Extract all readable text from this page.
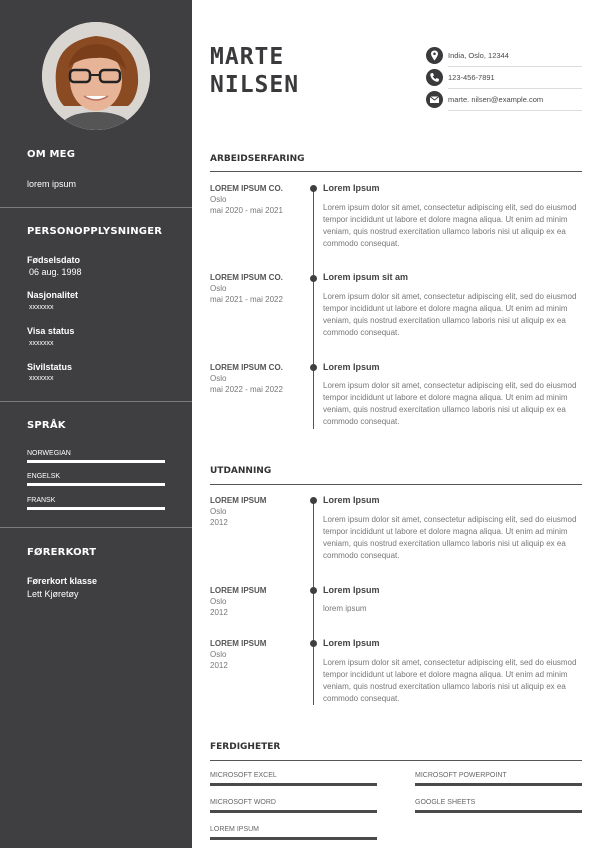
OM MEG
lorem ipsum
PERSONOPPLYSNINGER
Fødselsdato
06 aug. 1998
Nasjonalitet
xxxxxxx
Visa status
xxxxxxx
Sivilstatus
xxxxxxx
SPRÅK
NORWEGIAN
ENGELSK
FRANSK
FØRERKORT
Førerkort klasse
Lett Kjøretøy
MARTE
NILSEN
India, Oslo, 12344
123-456-7891
marte. nilsen@example.com
ARBEIDSERFARING
LOREM IPSUM CO.
Oslo
mai 2020 - mai 2021
Lorem Ipsum
Lorem ipsum dolor sit amet, consectetur adipiscing elit, sed do eiusmod tempor incididunt ut labore et dolore magna aliqua. Ut enim ad minim veniam, quis nostrud exercitation ullamco laboris nisi ut aliquip ex ea commodo consequat.
LOREM IPSUM CO.
Oslo
mai 2021 - mai 2022
Lorem ipsum sit am
Lorem ipsum dolor sit amet, consectetur adipiscing elit, sed do eiusmod tempor incididunt ut labore et dolore magna aliqua. Ut enim ad minim veniam, quis nostrud exercitation ullamco laboris nisi ut aliquip ex ea commodo consequat.
LOREM IPSUM CO.
Oslo
mai 2022 - mai 2022
Lorem Ipsum
Lorem ipsum dolor sit amet, consectetur adipiscing elit, sed do eiusmod tempor incididunt ut labore et dolore magna aliqua. Ut enim ad minim veniam, quis nostrud exercitation ullamco laboris nisi ut aliquip ex ea commodo consequat.
UTDANNING
LOREM IPSUM
Oslo
2012
Lorem Ipsum
Lorem ipsum dolor sit amet, consectetur adipiscing elit, sed do eiusmod tempor incididunt ut labore et dolore magna aliqua. Ut enim ad minim veniam, quis nostrud exercitation ullamco laboris nisi ut aliquip ex ea commodo consequat.
LOREM IPSUM
Oslo
2012
Lorem Ipsum
lorem ipsum
LOREM IPSUM
Oslo
2012
Lorem Ipsum
Lorem ipsum dolor sit amet, consectetur adipiscing elit, sed do eiusmod tempor incididunt ut labore et dolore magna aliqua. Ut enim ad minim veniam, quis nostrud exercitation ullamco laboris nisi ut aliquip ex ea commodo consequat.
FERDIGHETER
MICROSOFT EXCEL	MICROSOFT POWERPOINT
MICROSOFT WORD	GOOGLE SHEETS
LOREM IPSUM
